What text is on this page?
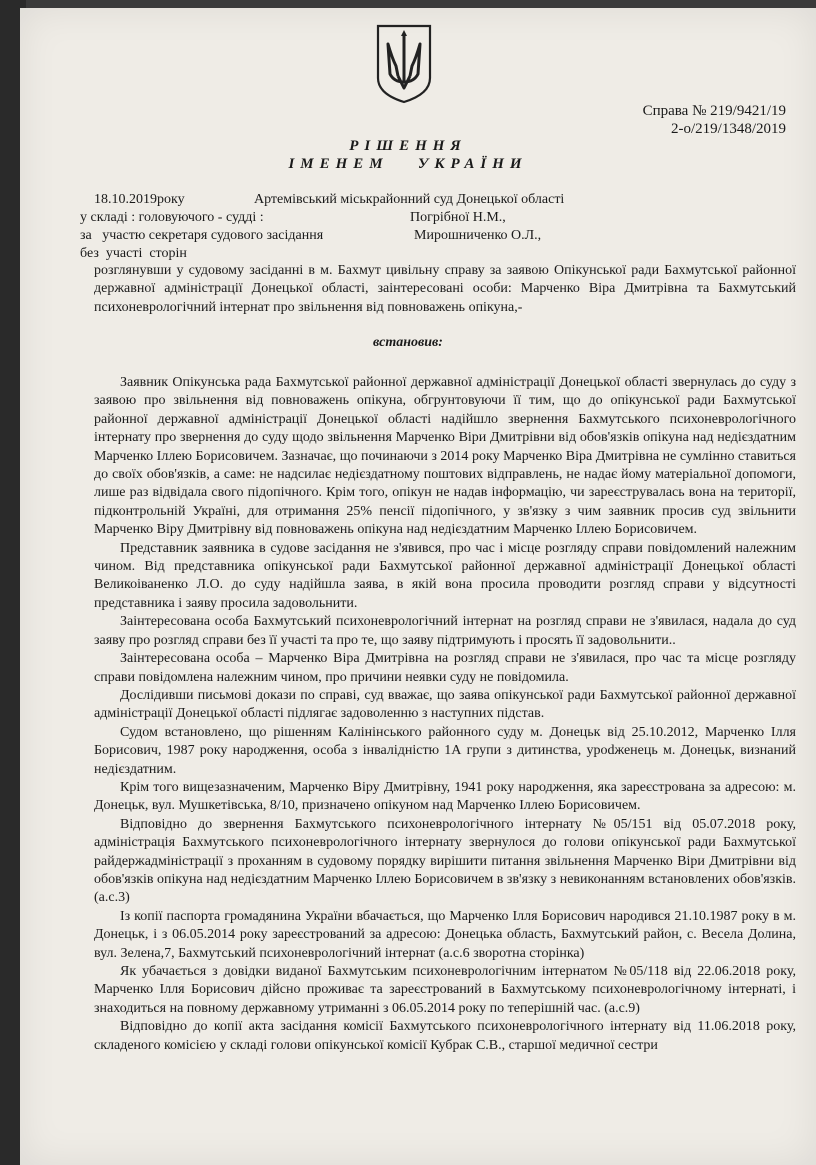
Справа № 219/9421/19
2-о/219/1348/2019
РІШЕННЯ
ІМЕНЕМ   УКРАЇНИ
18.10.2019року	Артемівський міськрайонний суд Донецької області
у складі : головуючого - судді :	Погрібної Н.М.,
за   участю секретаря судового засідання	Мирошниченко О.Л.,
без  участі  сторін

розглянувши у судовому засіданні в м. Бахмут цивільну справу за заявою Опікунської ради Бахмутської районної державної адміністрації Донецької області, заінтересовані особи: Марченко Віра Дмитрівна та Бахмутський психоневрологічний інтернат про звільнення від повноважень опікуна,-

встановив:

Заявник Опікунська рада Бахмутської районної державної адміністрації Донецької області звернулась до суду з заявою про звільнення від повноважень опікуна, обгрунтовуючи її тим, що до опікунської ради Бахмутської районної державної адміністрації Донецької області надійшло звернення Бахмутського психоневрологічного інтернату про звернення до суду щодо звільнення Марченко Віри Дмитрівни від обов'язків опікуна над недієздатним Марченко Іллею Борисовичем. Зазначає, що починаючи з 2014 року Марченко Віра Дмитрівна не сумлінно ставиться до своїх обов'язків, а саме: не надсилає недієздатному поштових відправлень, не надає йому матеріальної допомоги, лише раз відвідала свого підопічного. Крім того, опікун не надав інформацію, чи зареєструвалась вона на території, підконтрольній Україні, для отримання 25% пенсії підопічного, у зв'язку з чим заявник просив суд звільнити Марченко Віру Дмитрівну від повноважень опікуна над недієздатним Марченко Іллею Борисовичем.

Представник заявника в судове засідання не з'явився, про час і місце розгляду справи повідомлений належним чином. Від представника опікунської ради Бахмутської районної державної адміністрації Донецької області Великоіваненко Л.О. до суду надійшла заява, в якій вона просила проводити розгляд справи у відсутності представника і заяву просила задовольнити.

Заінтересована особа Бахмутський психоневрологічний інтернат на розгляд справи не з'явилася, надала до суд заяву про розгляд справи без її участі та про те, що заяву підтримують і просять її задовольнити..

Заінтересована особа – Марченко Віра Дмитрівна на розгляд справи не з'явилася, про час та місце розгляду справи повідомлена належним чином, про причини неявки суду не повідомила.

Дослідивши письмові докази по справі, суд вважає, що заява опікунської ради Бахмутської районної державної адміністрації Донецької області підлягає задоволенню з наступних підстав.

Судом встановлено, що рішенням Калінінського районного суду м. Донецьк від 25.10.2012, Марченко Ілля Борисович, 1987 року народження, особа з інвалідністю 1А групи з дитинства, урodженець м. Донецьк, визнаний недієздатним.

Крім того вищезазначеним, Марченко Віру Дмитрівну, 1941 року народження, яка зареєстрована за адресою: м. Донецьк, вул. Мушкетівська, 8/10, призначено опікуном над Марченко Іллею Борисовичем.

Відповідно до звернення Бахмутського психоневрологічного інтернату №05/151 від 05.07.2018 року, адміністрація Бахмутського психоневрологічного інтернату звернулося до голови опікунської ради Бахмутської райдержадміністрації з проханням в судовому порядку вирішити питання звільнення Марченко Віри Дмитрівни від обов'язків опікуна над недієздатним Марченко Іллею Борисовичем в зв'язку з невиконанням встановлених обов'язків. (а.с.3)

Із копії паспорта громадянина України вбачається, що Марченко Ілля Борисович народився 21.10.1987 року в м. Донецьк, і з 06.05.2014 року зареєстрований за адресою: Донецька область, Бахмутський район, с. Весела Долина, вул. Зелена,7, Бахмутський психоневрологічний інтернат (а.с.6 зворотна сторінка)

Як убачається з довідки виданої Бахмутським психоневрологічним інтернатом №05/118 від 22.06.2018 року, Марченко Ілля Борисович дійсно проживає та зареєстрований в Бахмутському психоневрологічному інтернаті, і знаходиться на повному державному утриманні з 06.05.2014 року по теперішній час. (а.с.9)

Відповідно до копії акта засідання комісії Бахмутського психоневрологічного інтернату від 11.06.2018 року, складеного комісією у складі голови опікунської комісії Кубрак С.В., старшої медичної сестри
